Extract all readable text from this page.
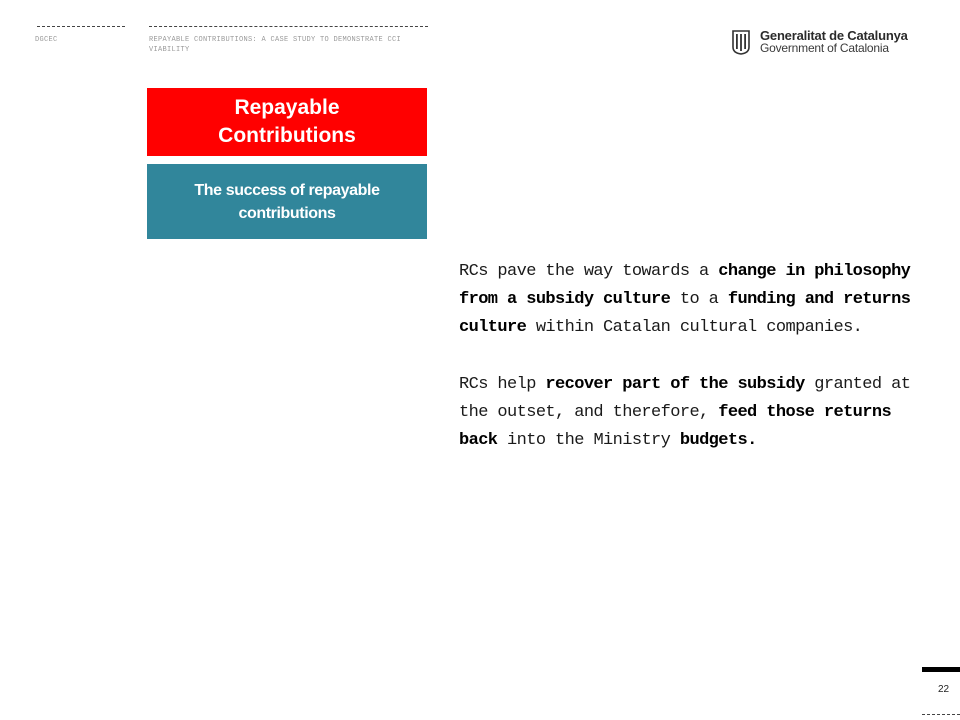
DGCEC	REPAYABLE CONTRIBUTIONS: A CASE STUDY TO DEMONSTRATE CCI VIABILITY
Generalitat de Catalunya
Government of Catalonia
Repayable
Contributions
The success of repayable
contributions

RCs pave the way towards a change in philosophy from a subsidy culture to a funding and returns culture within Catalan cultural companies.

RCs help recover part of the subsidy granted at the outset, and therefore, feed those returns back into the Ministry budgets.

22
